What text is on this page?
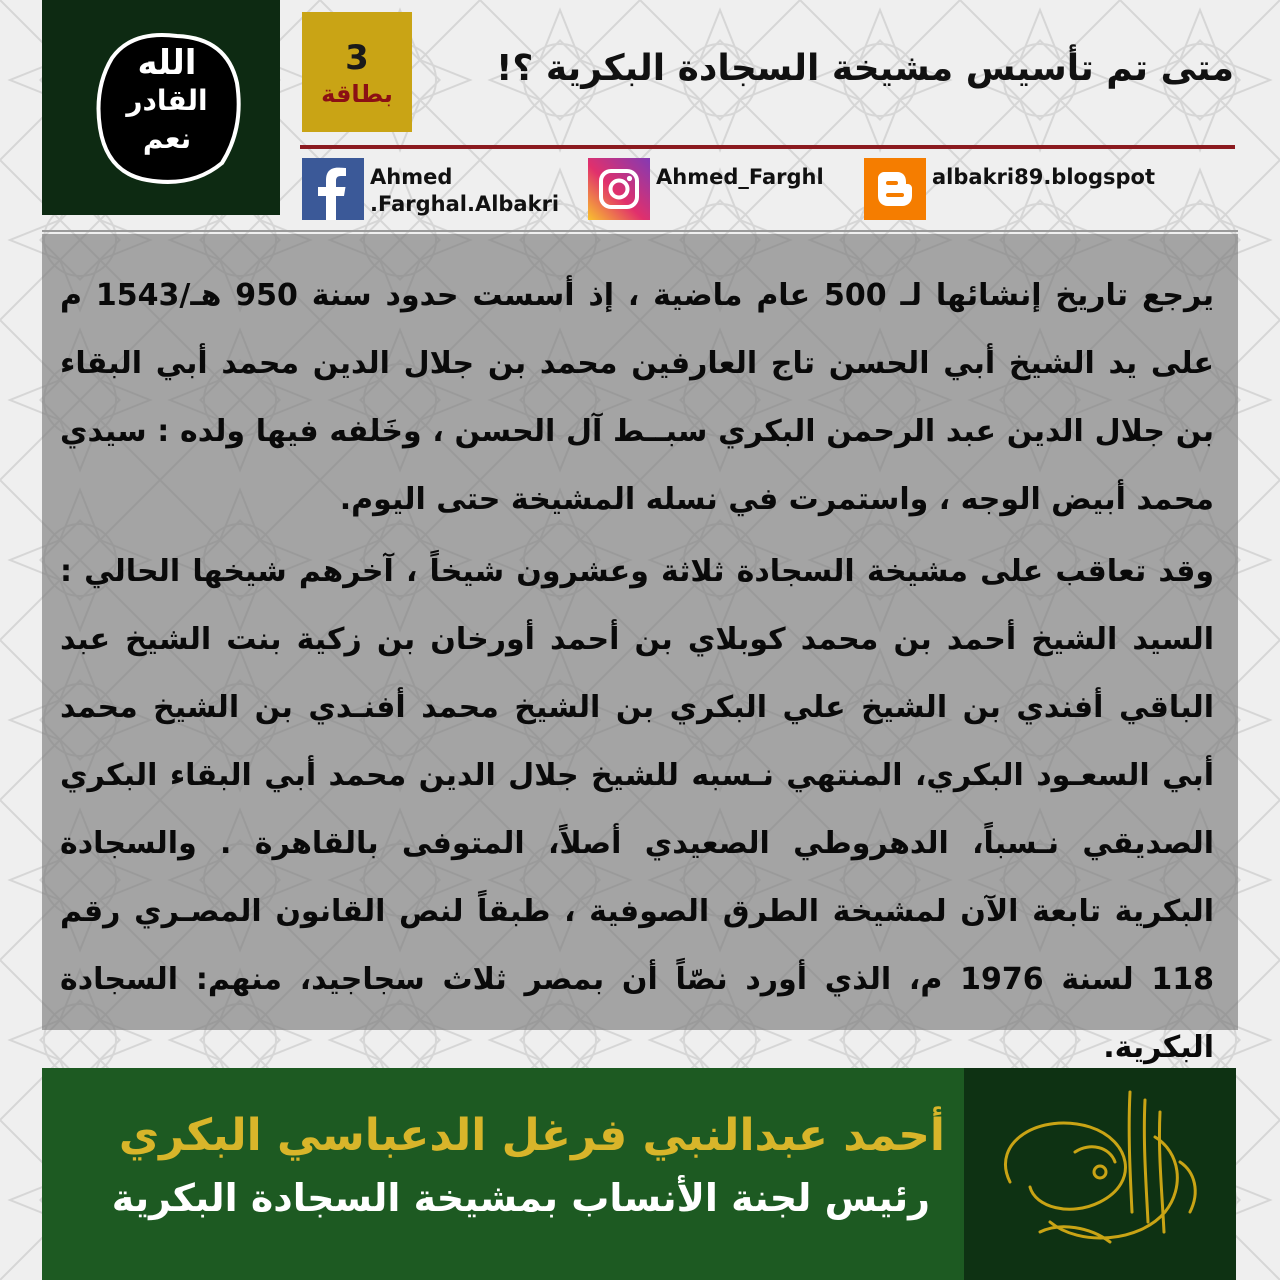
الله
القادر
نعم
3
بطاقة
متى تم تأسيس مشيخة السجادة البكرية ؟!
Ahmed
.Farghal.Albakri
Ahmed_Farghl	albakri89.blogspot

يرجع تاريخ إنشائها لـ 500 عام ماضية ، إذ أسست حدود سنة 950 هـ/1543 م على يد الشيخ أبي الحسن تاج العارفين محمد بن جلال الدين محمد أبي البقاء بن جلال الدين عبد الرحمن البكري سبــط آل الحسن ، وخَلفه فيها ولده : سيدي محمد أبيض الوجه ، واستمرت في نسله المشيخة حتى اليوم.

وقد تعاقب على مشيخة السجادة ثلاثة وعشرون شيخاً ، آخرهم شيخها الحالي : السيد الشيخ أحمد بن محمد كوبلاي بن أحمد أورخان بن زكية بنت الشيخ عبد الباقي أفندي بن الشيخ علي البكري بن الشيخ محمد أفنـدي بن الشيخ محمد أبي السعـود البكري، المنتهي نـسبه للشيخ جلال الدين محمد أبي البقاء البكري الصديقي نـسباً، الدهروطي الصعيدي أصلاً، المتوفى بالقاهرة . والسجادة البكرية تابعة الآن لمشيخة الطرق الصوفية ، طبقاً لنص القانون المصـري رقم 118 لسنة 1976 م، الذي أورد نصّاً أن بمصر ثلاث سجاجيد، منهم: السجادة البكرية.

أحمد عبدالنبي فرغل الدعباسي البكري
رئيس لجنة الأنساب بمشيخة السجادة البكرية
